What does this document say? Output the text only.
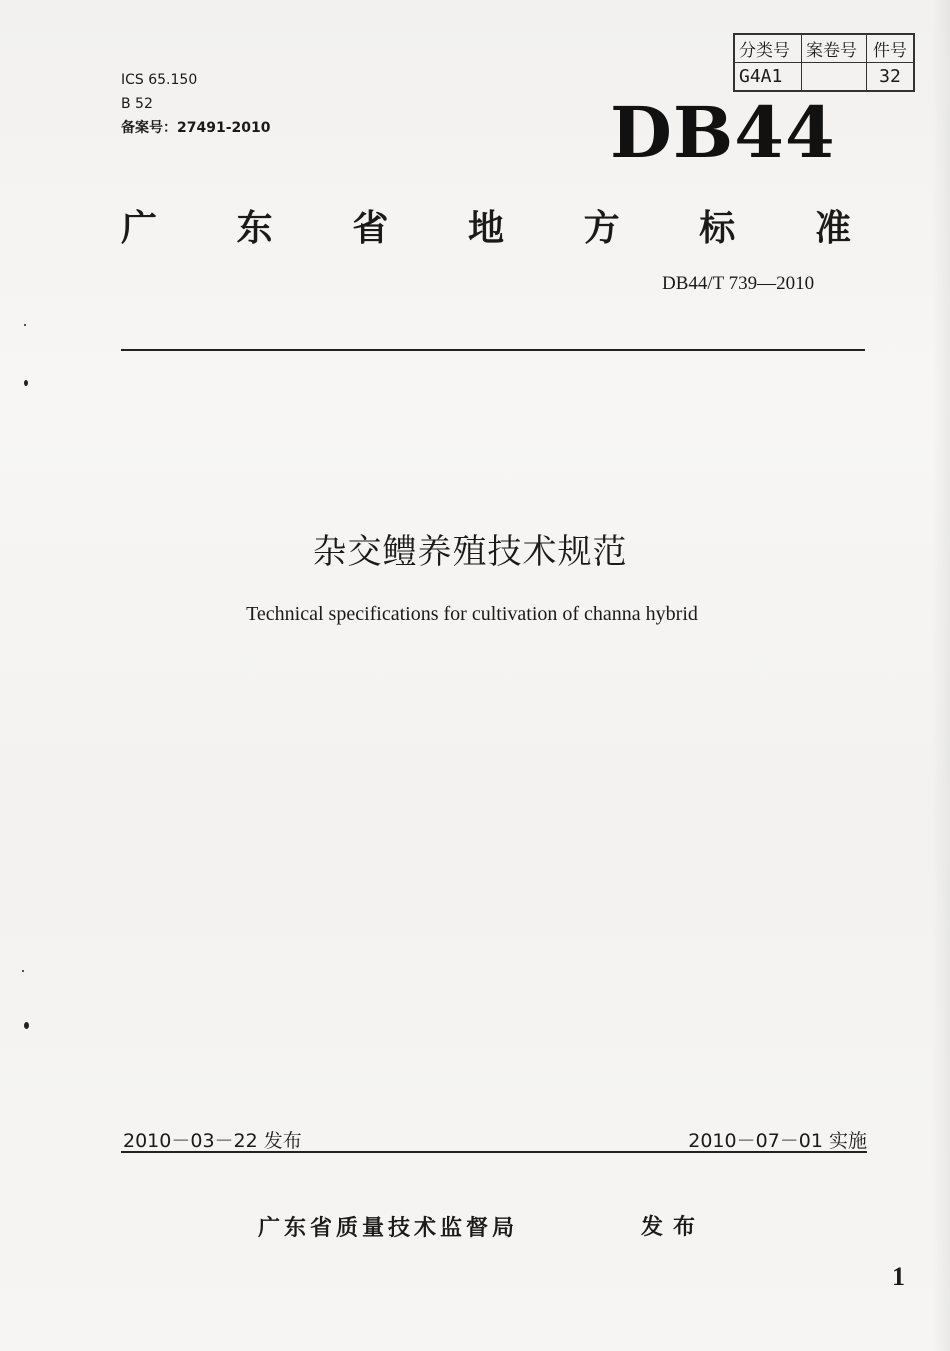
ICS 65.150
B 52
备案号：27491-2010
分类号	案卷号	件号
G4A1		32
DB44
广 东 省 地 方 标 准
DB44/T 739—2010
杂交鳢养殖技术规范
Technical specifications for cultivation of channa hybrid
2010－03－22 发布	2010－07－01 实施
广东省质量技术监督局	发布
1
